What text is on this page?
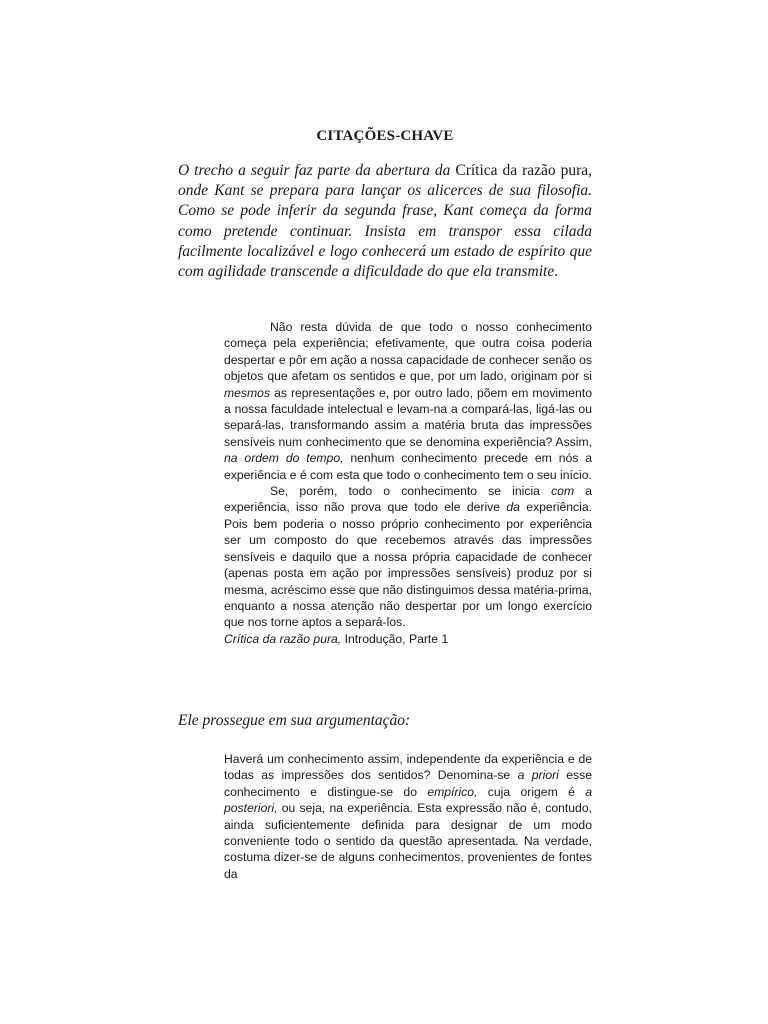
CITAÇÕES-CHAVE

O trecho a seguir faz parte da abertura da Crítica da razão pura, onde Kant se prepara para lançar os alicerces de sua filosofia. Como se pode inferir da segunda frase, Kant começa da forma como pretende continuar. Insista em transpor essa cilada facilmente localizável e logo conhecerá um estado de espírito que com agilidade transcende a dificuldade do que ela transmite.

Não resta dúvida de que todo o nosso conhecimento começa pela experiência; efetivamente, que outra coisa poderia despertar e pôr em ação a nossa capacidade de conhecer senão os objetos que afetam os sentidos e que, por um lado, originam por si mesmos as representações e, por outro lado, põem em movimento a nossa faculdade intelectual e levam-na a compará-las, ligá-las ou separá-las, transformando assim a matéria bruta das impressões sensíveis num conhecimento que se denomina experiência? Assim, na ordem do tempo, nenhum conhecimento precede em nós a experiência e é com esta que todo o conhecimento tem o seu início.

Se, porém, todo o conhecimento se inicia com a experiência, isso não prova que todo ele derive da experiência. Pois bem poderia o nosso próprio conhecimento por experiência ser um composto do que recebemos através das impressões sensíveis e daquilo que a nossa própria capacidade de conhecer (apenas posta em ação por impressões sensíveis) produz por si mesma, acréscimo esse que não distinguimos dessa matéria-prima, enquanto a nossa atenção não despertar por um longo exercício que nos torne aptos a separá-los.

Crítica da razão pura, Introdução, Parte 1

Ele prossegue em sua argumentação:

Haverá um conhecimento assim, independente da experiência e de todas as impressões dos sentidos? Denomina-se a priori esse conhecimento e distingue-se do empírico, cuja origem é a posteriori, ou seja, na experiência. Esta expressão não é, contudo, ainda suficientemente definida para designar de um modo conveniente todo o sentido da questão apresentada. Na verdade, costuma dizer-se de alguns conhecimentos, provenientes de fontes da
